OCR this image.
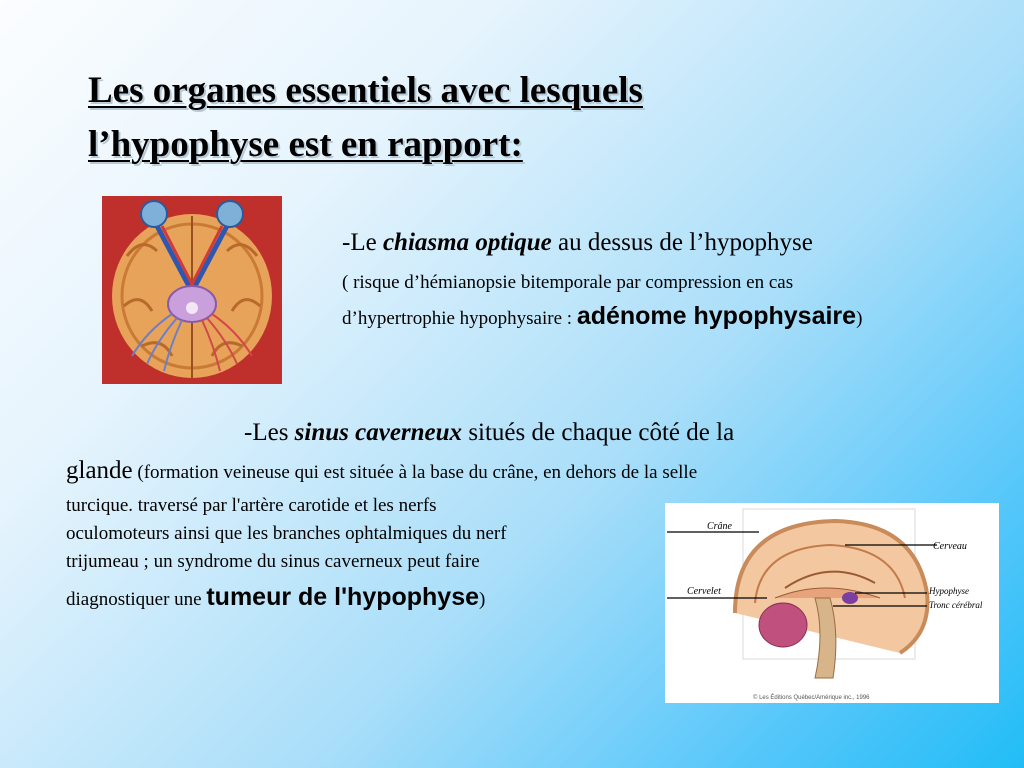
Les organes essentiels avec lesquels
l’hypophyse est en rapport:
-Le chiasma optique au dessus de l’hypophyse
( risque d’hémianopsie bitemporale par compression en cas
d’hypertrophie hypophysaire : adénome hypophysaire)
-Les sinus caverneux situés de chaque côté de la
glande (formation veineuse qui est située à la base du crâne, en dehors de la selle
turcique. traversé par l'artère carotide et les nerfs
oculomoteurs ainsi que les branches ophtalmiques du nerf
trijumeau ; un syndrome du sinus caverneux peut faire
diagnostiquer une tumeur de l'hypophyse)
Crâne
Cerveau
Cervelet	Hypophyse
Tronc cérébral
© Les Éditions Québec/Amérique inc., 1996
